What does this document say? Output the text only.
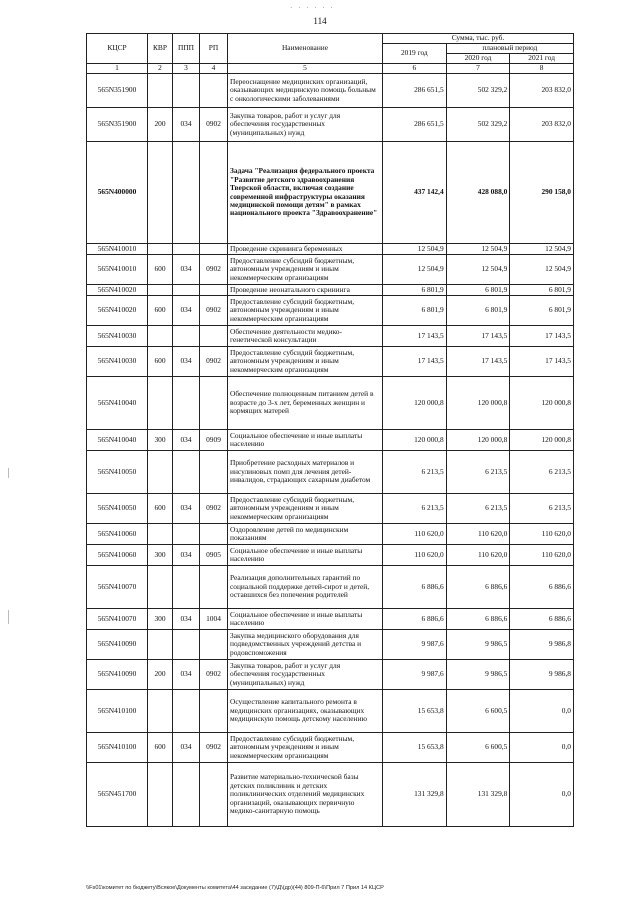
· · · · · ·
114
КЦСР	КВР	ППП	РП	Наименование	Сумма, тыс. руб.		
					2019 год	плановый период	
						2020 год	2021 год
1	2	3	4	5	6	7	8
565N351900				Переоснащение медицинских организаций, оказывающих медицинскую помощь больным с онкологическими заболеваниями	286 651,5	502 329,2	203 832,0
565N351900	200	034	0902	Закупка товаров, работ и услуг для обеспечения государственных (муниципальных) нужд	286 651,5	502 329,2	203 832,0
565N400000				Задача "Реализация федерального проекта "Развитие детского здравоохранения Тверской области, включая создание современной инфраструктуры оказания медицинской помощи детям" в рамках национального проекта "Здравоохранение"	437 142,4	428 088,0	290 158,0
565N410010				Проведение скрининга беременных	12 504,9	12 504,9	12 504,9
565N410010	600	034	0902	Предоставление субсидий бюджетным, автономным учреждениям и иным некоммерческим организациям	12 504,9	12 504,9	12 504,9
565N410020				Проведение неонатального скрининга	6 801,9	6 801,9	6 801,9
565N410020	600	034	0902	Предоставление субсидий бюджетным, автономным учреждениям и иным некоммерческим организациям	6 801,9	6 801,9	6 801,9
565N410030				Обеспечение деятельности медико-генетической консультации	17 143,5	17 143,5	17 143,5
565N410030	600	034	0902	Предоставление субсидий бюджетным, автономным учреждениям и иным некоммерческим организациям	17 143,5	17 143,5	17 143,5
565N410040				Обеспечение полноценным питанием детей в возрасте до 3-х лет, беременных женщин и кормящих матерей	120 000,8	120 000,8	120 000,8
565N410040	300	034	0909	Социальное обеспечение и иные выплаты населению	120 000,8	120 000,8	120 000,8
565N410050				Приобретение расходных материалов и инсулиновых помп для лечения детей-инвалидов, страдающих сахарным диабетом	6 213,5	6 213,5	6 213,5
565N410050	600	034	0902	Предоставление субсидий бюджетным, автономным учреждениям и иным некоммерческим организациям	6 213,5	6 213,5	6 213,5
565N410060				Оздоровление детей по медицинским показаниям	110 620,0	110 620,0	110 620,0
565N410060	300	034	0905	Социальное обеспечение и иные выплаты населению	110 620,0	110 620,0	110 620,0
565N410070				Реализация дополнительных гарантий по социальной поддержке детей-сирот и детей, оставшихся без попечения родителей	6 886,6	6 886,6	6 886,6
565N410070	300	034	1004	Социальное обеспечение и иные выплаты населению	6 886,6	6 886,6	6 886,6
565N410090				Закупка медицинского оборудования для подведомственных учреждений детства и родовспоможения	9 987,6	9 986,5	9 986,8
565N410090	200	034	0902	Закупка товаров, работ и услуг для обеспечения государственных (муниципальных) нужд	9 987,6	9 986,5	9 986,8
565N410100				Осуществление капитального ремонта в медицинских организациях, оказывающих медицинскую помощь детскому населению	15 653,8	6 600,5	0,0
565N410100	600	034	0902	Предоставление субсидий бюджетным, автономным учреждениям и иным некоммерческим организациям	15 653,8	6 600,5	0,0
565N451700				Развитие материально-технической базы детских поликлиник и детских поликлинических отделений медицинских организаций, оказывающих первичную медико-санитарную помощь	131 329,8	131 329,8	0,0
\\Fs01\комитет по бюджету\Всякое\Документы комитета\44 заседание (7)\Д\(др)(44) 809-П-6\Прил 7 Прил 14 КЦСР
